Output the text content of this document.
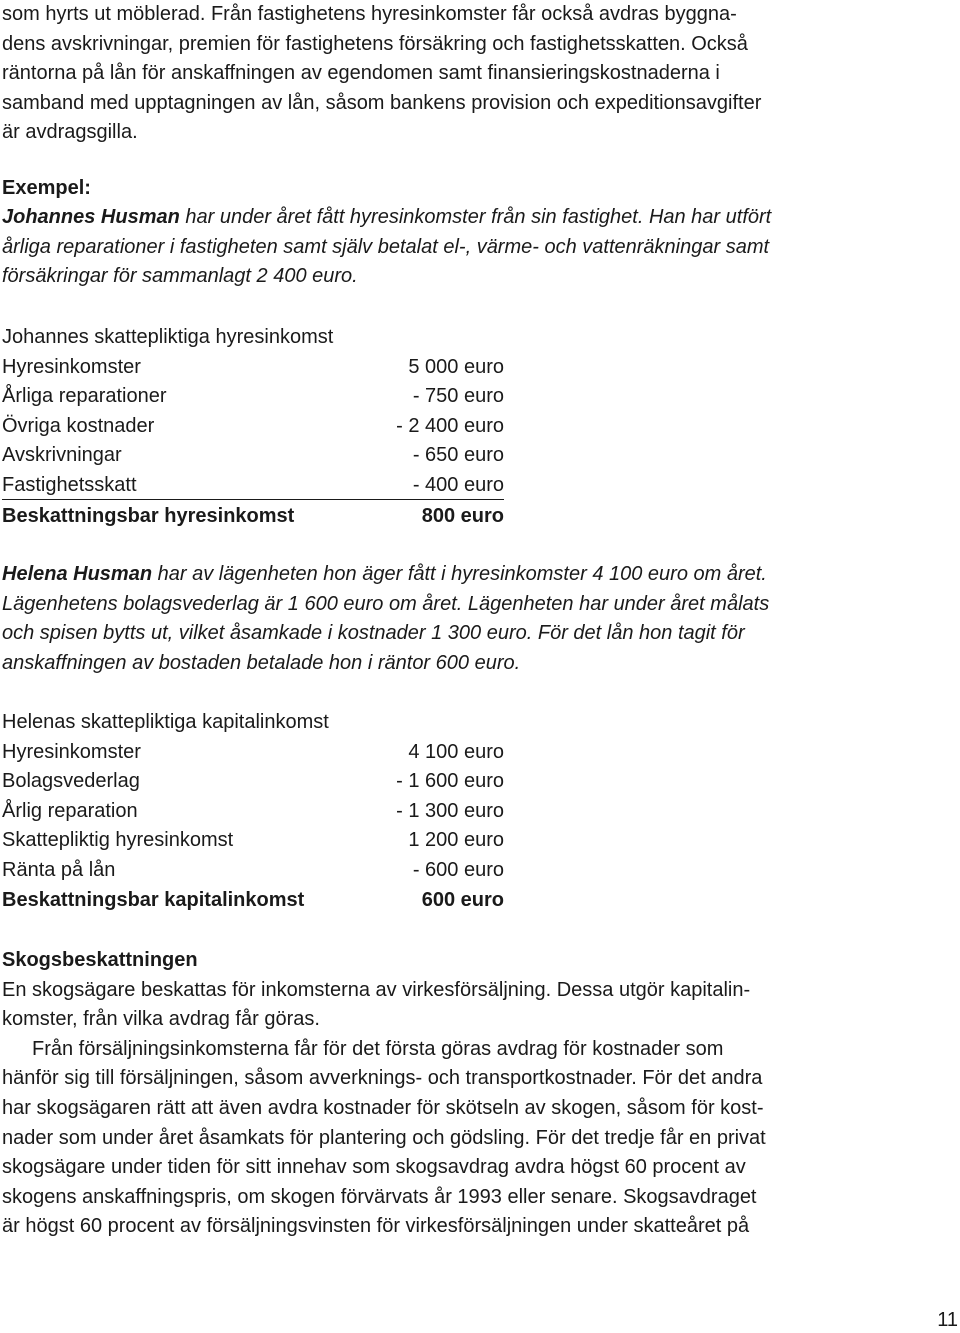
som hyrts ut möblerad. Från fastighetens hyresinkomster får också avdras byggna-
dens avskrivningar, premien för fastighetens försäkring och fastighetsskatten. Också
räntorna på lån för anskaffningen av egendomen samt finansieringskostnaderna i
samband med upptagningen av lån, såsom bankens provision och expeditionsavgifter
är avdragsgilla.
Exempel:
Johannes Husman har under året fått hyresinkomster från sin fastighet. Han har utfört
årliga reparationer i fastigheten samt själv betalat el-, värme- och vattenräkningar samt
försäkringar för sammanlagt 2 400 euro.
Johannes skattepliktiga hyresinkomst
Hyresinkomster	5 000 euro
Årliga reparationer	- 750 euro
Övriga kostnader	- 2 400 euro
Avskrivningar	- 650 euro
Fastighetsskatt	- 400 euro
Beskattningsbar hyresinkomst	800 euro
Helena Husman har av lägenheten hon äger fått i hyresinkomster 4 100 euro om året.
Lägenhetens bolagsvederlag är 1 600 euro om året. Lägenheten har under året målats
och spisen bytts ut, vilket åsamkade i kostnader 1 300 euro. För det lån hon tagit för
anskaffningen av bostaden betalade hon i räntor 600 euro.
Helenas skattepliktiga kapitalinkomst
Hyresinkomster	4 100 euro
Bolagsvederlag	- 1 600 euro
Årlig reparation	- 1 300 euro
Skattepliktig hyresinkomst	1 200 euro
Ränta på lån	- 600 euro
Beskattningsbar kapitalinkomst	600 euro
Skogsbeskattningen
En skogsägare beskattas för inkomsterna av virkesförsäljning. Dessa utgör kapitalin-
komster, från vilka avdrag får göras.
Från försäljningsinkomsterna får för det första göras avdrag för kostnader som
hänför sig till försäljningen, såsom avverknings- och transportkostnader. För det andra
har skogsägaren rätt att även avdra kostnader för skötseln av skogen, såsom för kost-
nader som under året åsamkats för plantering och gödsling. För det tredje får en privat
skogsägare under tiden för sitt innehav som skogsavdrag avdra högst 60 procent av
skogens anskaffningspris, om skogen förvärvats år 1993 eller senare. Skogsavdraget
är högst 60 procent av försäljningsvinsten för virkesförsäljningen under skatteåret på
11
